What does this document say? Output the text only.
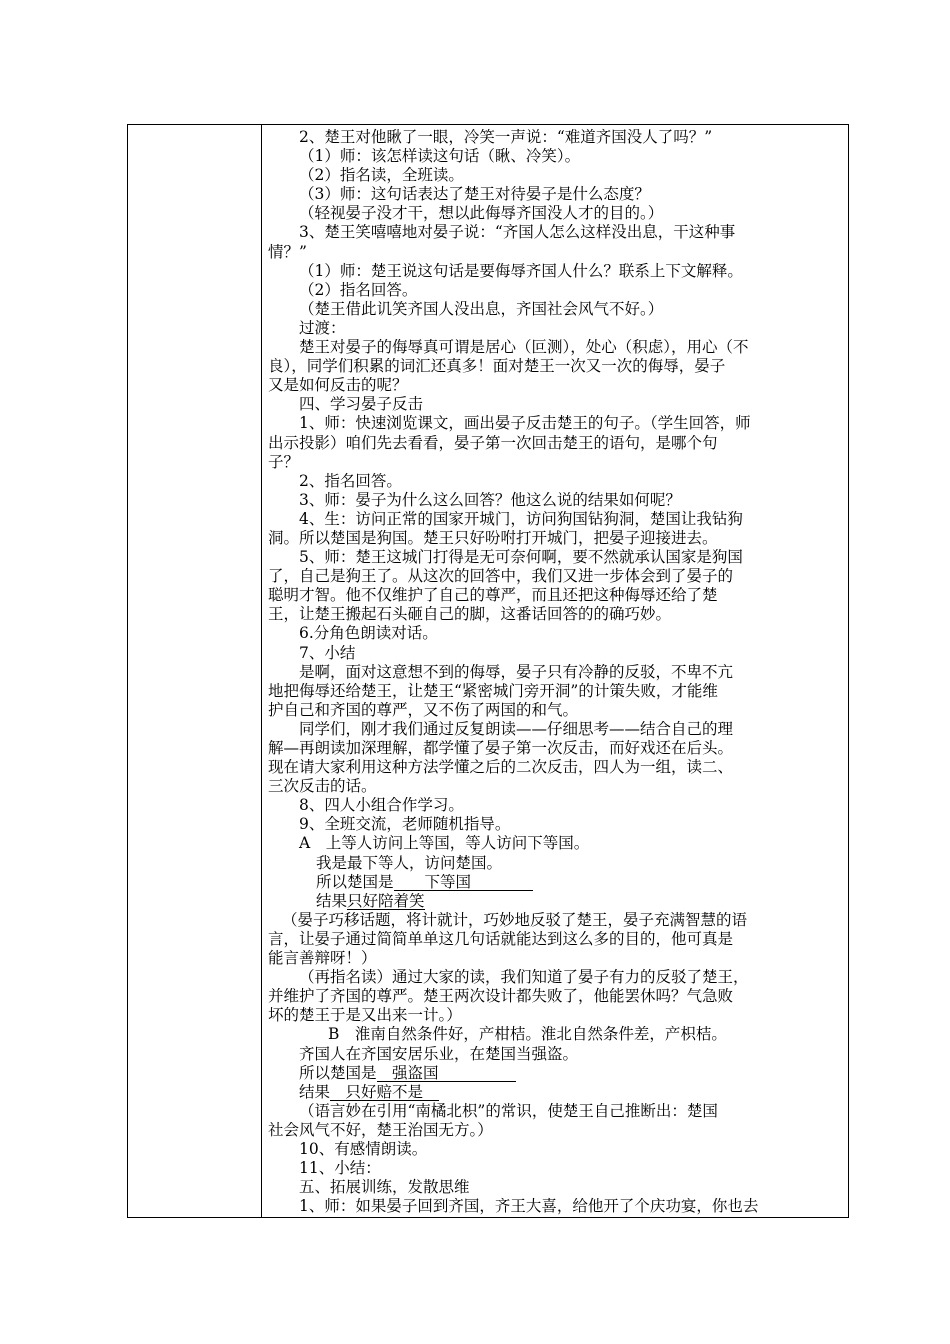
2、楚王对他瞅了一眼，冷笑一声说：“难道齐国没人了吗？”
（1）师：该怎样读这句话（瞅、冷笑）。
（2）指名读，全班读。
（3）师：这句话表达了楚王对待晏子是什么态度？
（轻视晏子没才干，想以此侮辱齐国没人才的目的。）
3、楚王笑嘻嘻地对晏子说：“齐国人怎么这样没出息，干这种事
情？”
（1）师：楚王说这句话是要侮辱齐国人什么？联系上下文解释。
（2）指名回答。
（楚王借此讥笑齐国人没出息，齐国社会风气不好。）
过渡：
楚王对晏子的侮辱真可谓是居心（叵测），处心（积虑），用心（不
良），同学们积累的词汇还真多！面对楚王一次又一次的侮辱，晏子
又是如何反击的呢？
四、学习晏子反击
1、师：快速浏览课文，画出晏子反击楚王的句子。（学生回答，师
出示投影）咱们先去看看，晏子第一次回击楚王的语句，是哪个句
子？
2、指名回答。
3、师：晏子为什么这么回答？他这么说的结果如何呢？
4、生：访问正常的国家开城门，访问狗国钻狗洞，楚国让我钻狗
洞。所以楚国是狗国。楚王只好吩咐打开城门，把晏子迎接进去。
5、师：楚王这城门打得是无可奈何啊，要不然就承认国家是狗国
了，自己是狗王了。从这次的回答中，我们又进一步体会到了晏子的
聪明才智。他不仅维护了自己的尊严，而且还把这种侮辱还给了楚
王，让楚王搬起石头砸自己的脚，这番话回答的的确巧妙。
6.分角色朗读对话。
7、小结
是啊，面对这意想不到的侮辱，晏子只有冷静的反驳，不卑不亢
地把侮辱还给楚王，让楚王“紧密城门旁开洞”的计策失败，才能维
护自己和齐国的尊严，又不伤了两国的和气。
同学们，刚才我们通过反复朗读——仔细思考——结合自己的理
解—再朗读加深理解，都学懂了晏子第一次反击，而好戏还在后头。
现在请大家利用这种方法学懂之后的二次反击，四人为一组，读二、
三次反击的话。
8、四人小组合作学习。
9、全班交流，老师随机指导。
A　上等人访问上等国，等人访问下等国。
我是最下等人，访问楚国。
所以楚国是　　下等国　　　　
结果只好陪着笑
（晏子巧移话题，将计就计，巧妙地反驳了楚王，晏子充满智慧的语
言，让晏子通过简简单单这几句话就能达到这么多的目的，他可真是
能言善辩呀！）
（再指名读）通过大家的读，我们知道了晏子有力的反驳了楚王，
并维护了齐国的尊严。楚王两次设计都失败了，他能罢休吗？气急败
坏的楚王于是又出来一计。）
B　淮南自然条件好，产柑桔。淮北自然条件差，产枳桔。
齐国人在齐国安居乐业，在楚国当强盗。
所以楚国是　强盗国　　　　　
结果　只好赔不是　
（语言妙在引用“南橘北枳”的常识，使楚王自己推断出：楚国
社会风气不好，楚王治国无方。）
10、有感情朗读。
11、小结：
五、拓展训练，发散思维
1、师：如果晏子回到齐国，齐王大喜，给他开了个庆功宴，你也去
